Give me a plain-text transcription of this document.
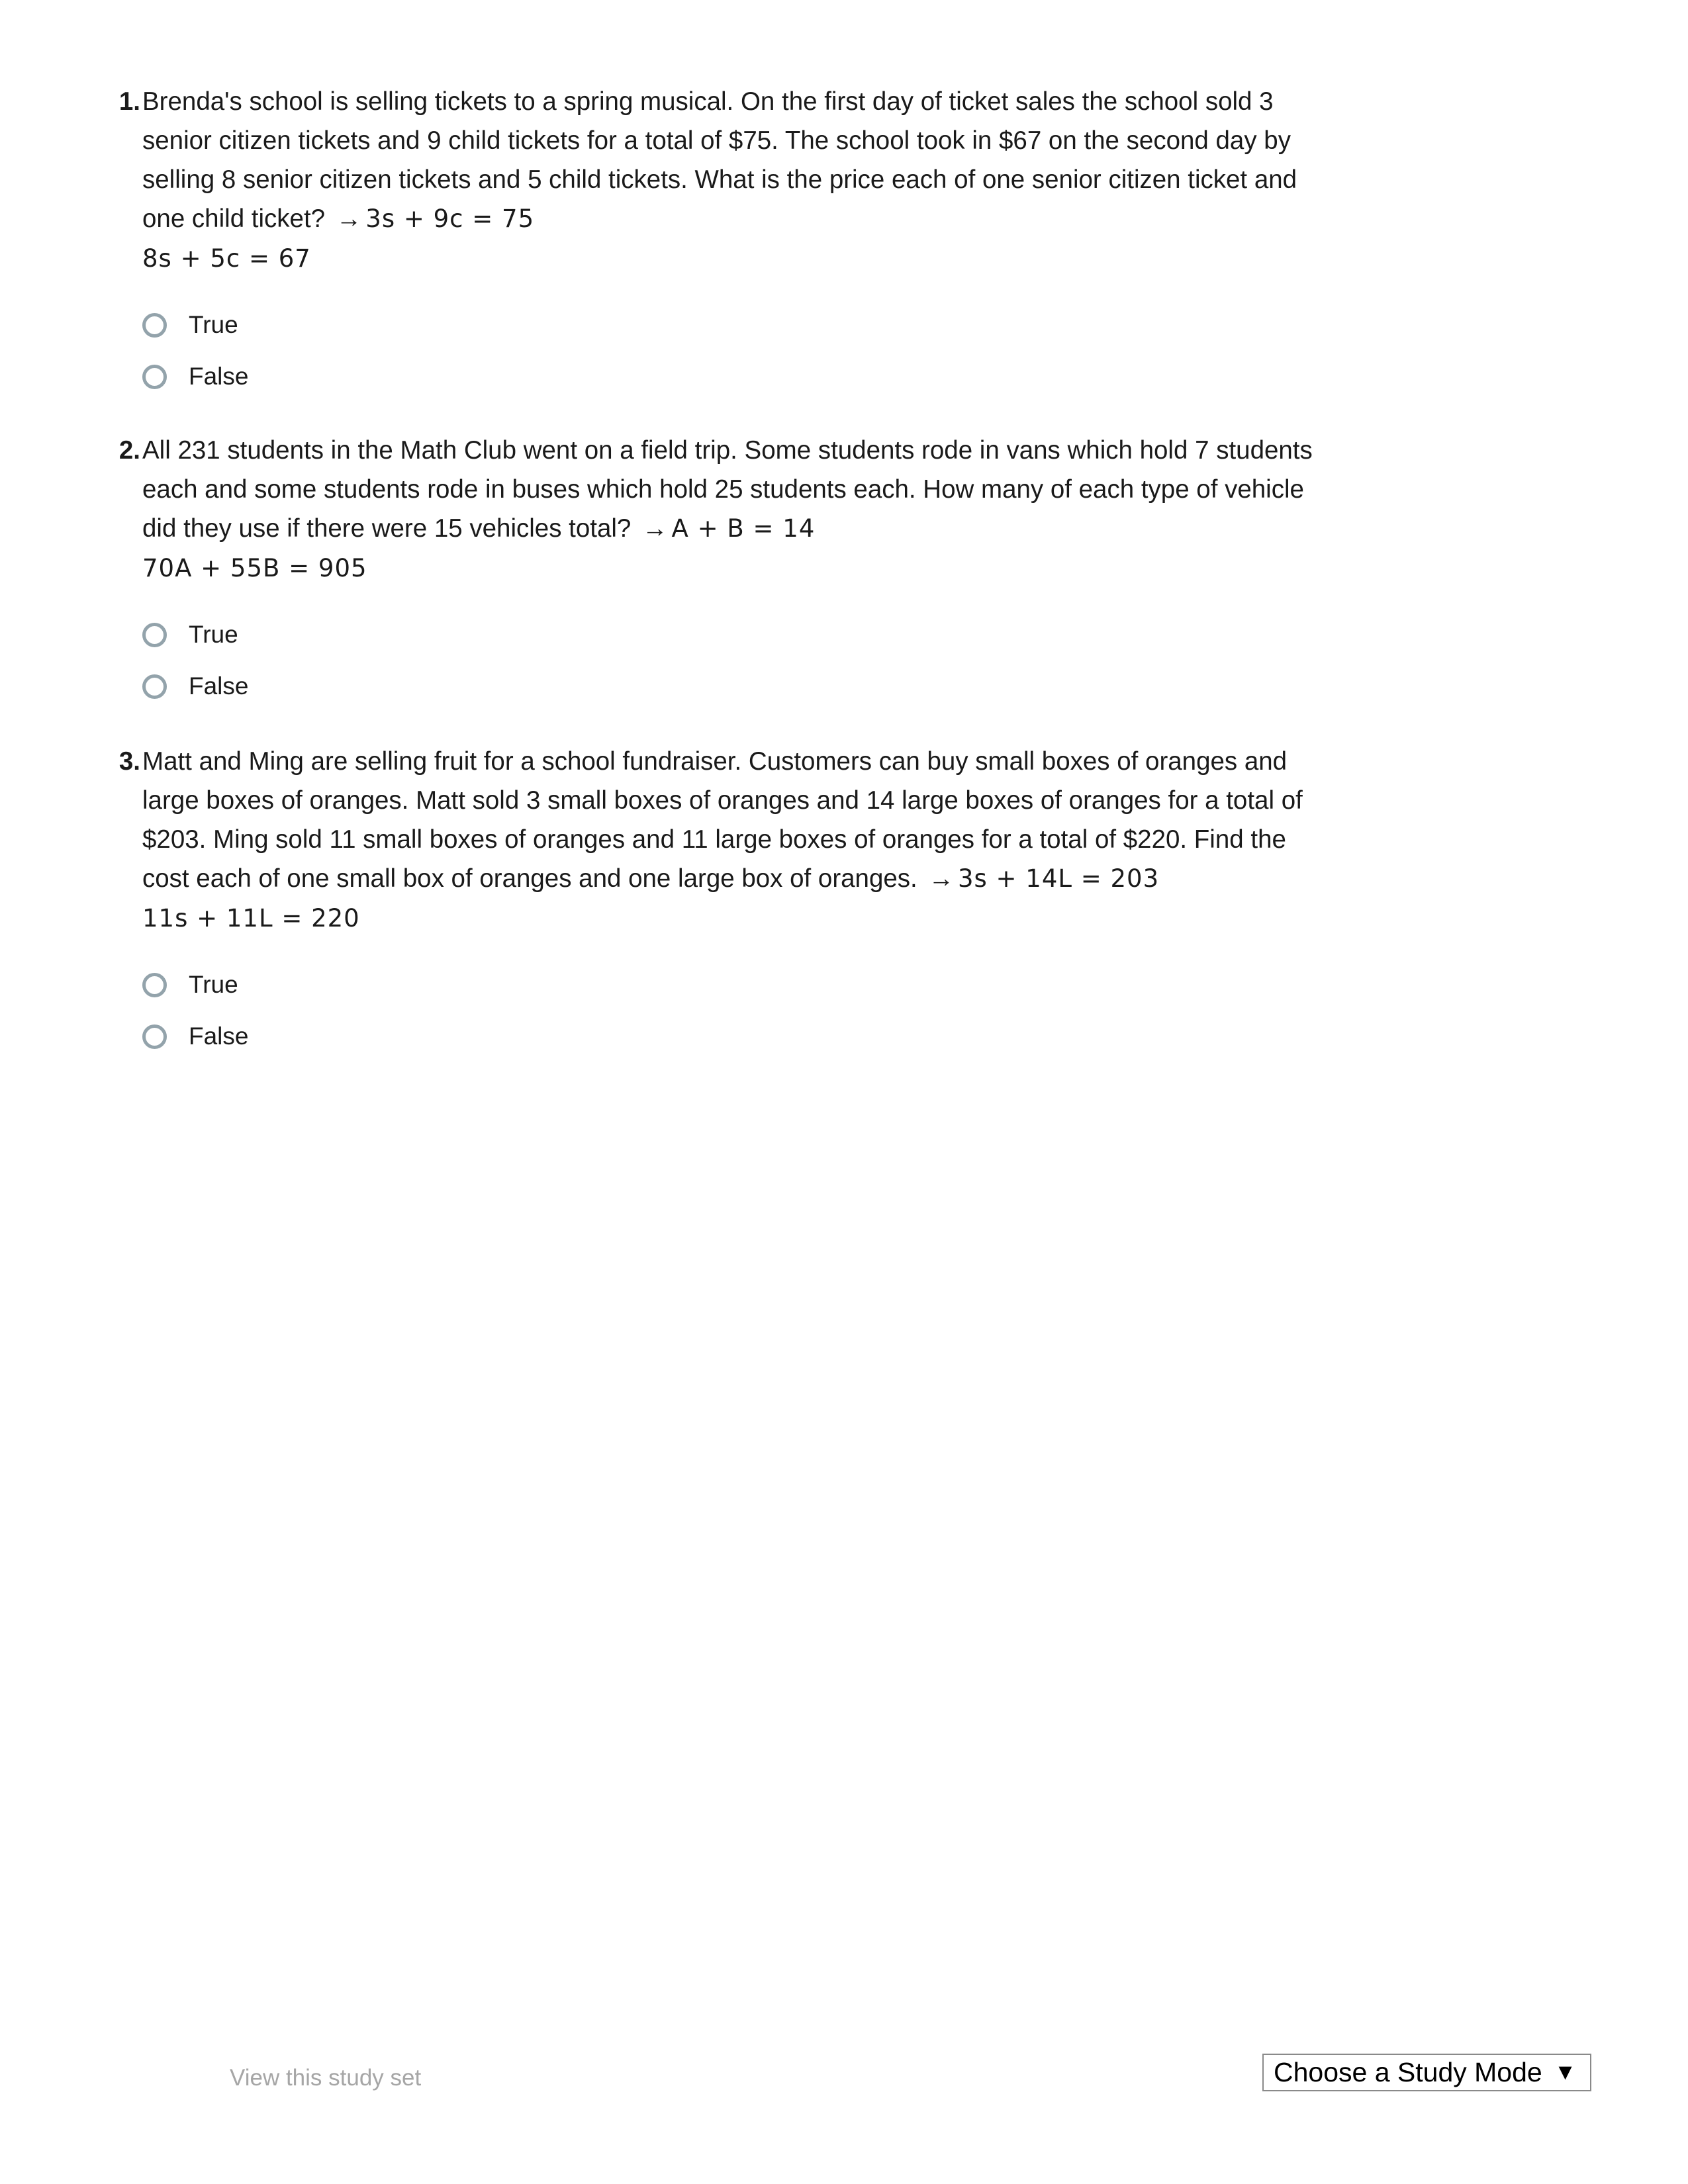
1. Brenda's school is selling tickets to a spring musical. On the first day of ticket sales the school sold 3 senior citizen tickets and 9 child tickets for a total of $75. The school took in $67 on the second day by selling 8 senior citizen tickets and 5 child tickets. What is the price each of one senior citizen ticket and one child ticket? → 3s + 9c = 75
8s + 5c = 67
True
False
2. All 231 students in the Math Club went on a field trip. Some students rode in vans which hold 7 students each and some students rode in buses which hold 25 students each. How many of each type of vehicle did they use if there were 15 vehicles total? → A + B = 14
70A + 55B = 905
True
False
3. Matt and Ming are selling fruit for a school fundraiser. Customers can buy small boxes of oranges and large boxes of oranges. Matt sold 3 small boxes of oranges and 14 large boxes of oranges for a total of $203. Ming sold 11 small boxes of oranges and 11 large boxes of oranges for a total of $220. Find the cost each of one small box of oranges and one large box of oranges. → 3s + 14L = 203
11s + 11L = 220
True
False
View this study set	Choose a Study Mode ▼
